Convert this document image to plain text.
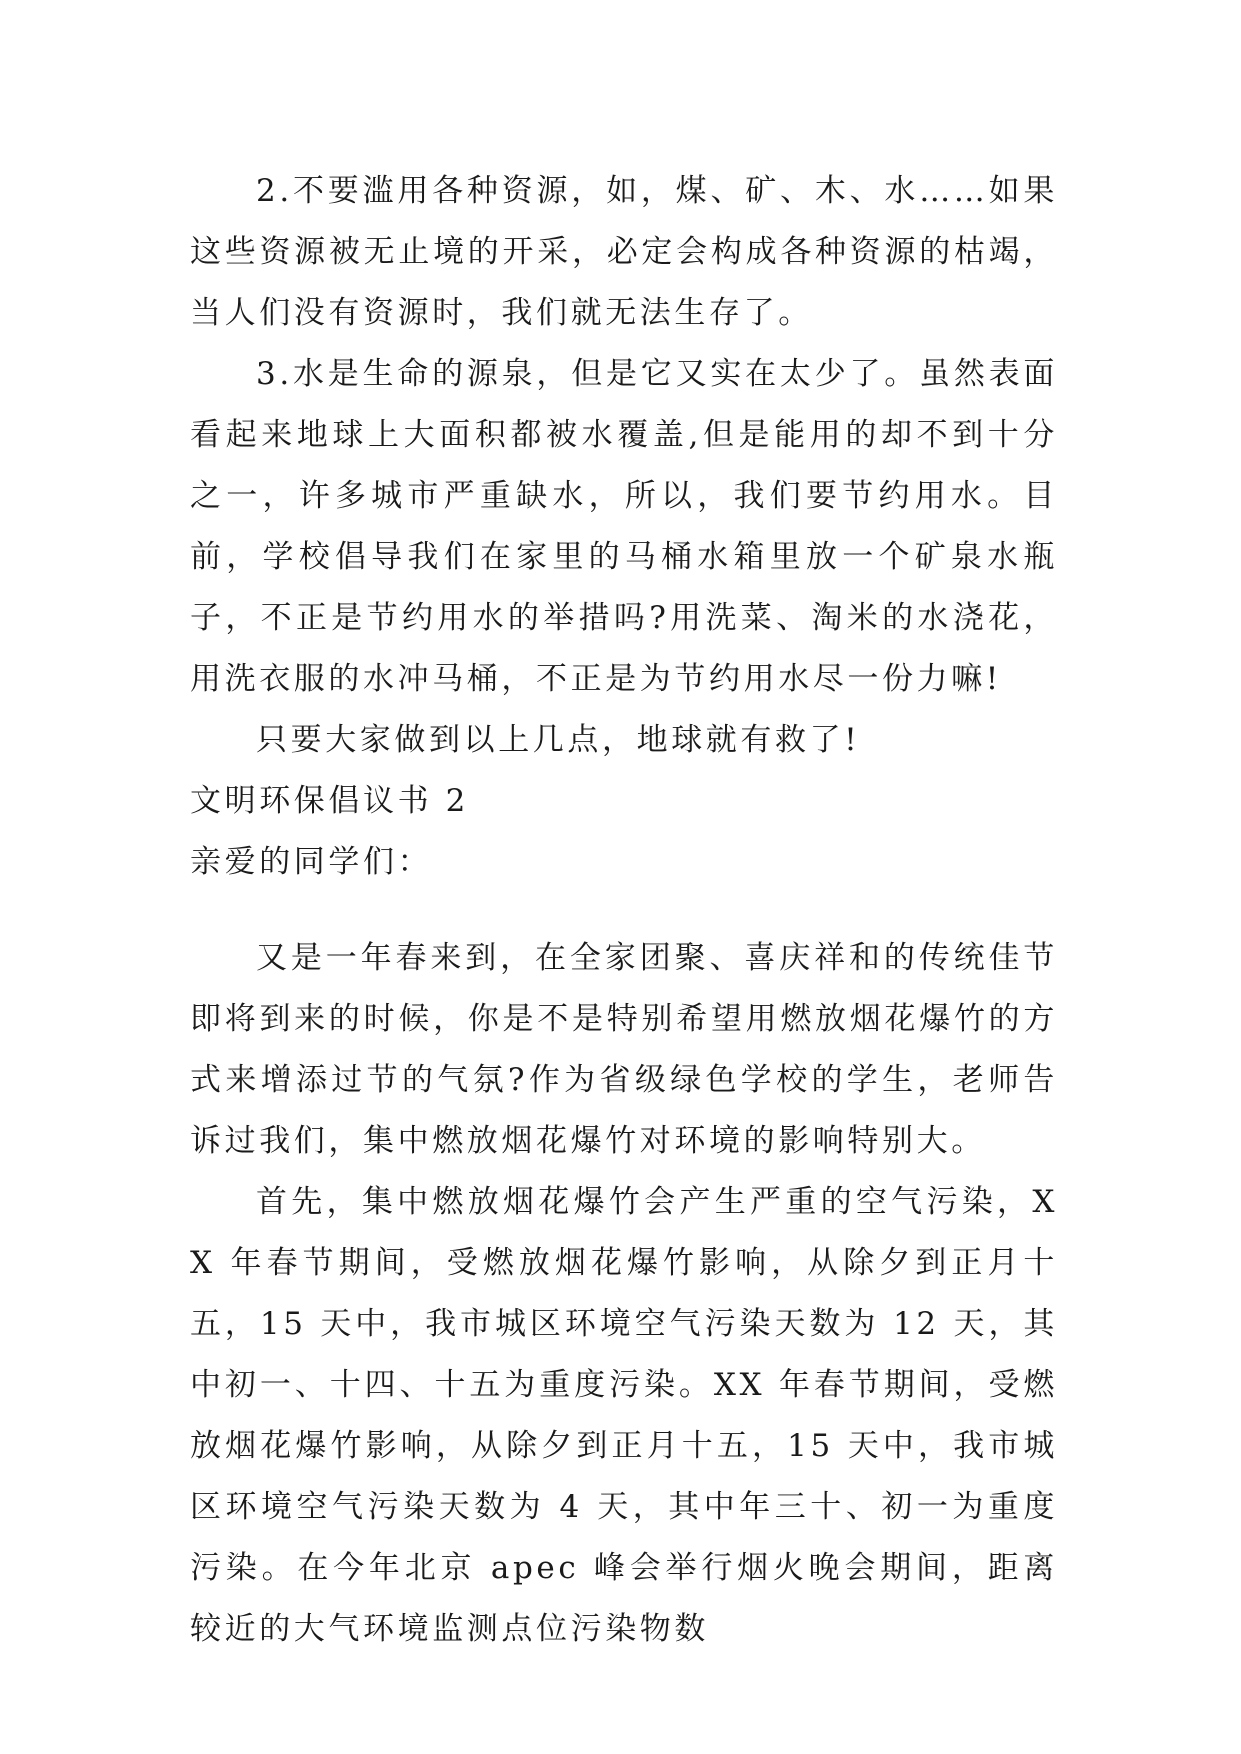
2.不要滥用各种资源，如，煤、矿、木、水……如果这些资源被无止境的开采，必定会构成各种资源的枯竭，当人们没有资源时，我们就无法生存了。

3.水是生命的源泉，但是它又实在太少了。虽然表面看起来地球上大面积都被水覆盖,但是能用的却不到十分之一，许多城市严重缺水，所以，我们要节约用水。目前，学校倡导我们在家里的马桶水箱里放一个矿泉水瓶子，不正是节约用水的举措吗?用洗菜、淘米的水浇花，用洗衣服的水冲马桶，不正是为节约用水尽一份力嘛!

只要大家做到以上几点，地球就有救了!

文明环保倡议书 2

亲爱的同学们：

又是一年春来到，在全家团聚、喜庆祥和的传统佳节即将到来的时候，你是不是特别希望用燃放烟花爆竹的方式来增添过节的气氛?作为省级绿色学校的学生，老师告诉过我们，集中燃放烟花爆竹对环境的影响特别大。

首先，集中燃放烟花爆竹会产生严重的空气污染，XX 年春节期间，受燃放烟花爆竹影响，从除夕到正月十五，15 天中，我市城区环境空气污染天数为 12 天，其中初一、十四、十五为重度污染。XX 年春节期间，受燃放烟花爆竹影响，从除夕到正月十五，15 天中，我市城区环境空气污染天数为 4 天，其中年三十、初一为重度污染。在今年北京 apec 峰会举行烟火晚会期间，距离较近的大气环境监测点位污染物数
